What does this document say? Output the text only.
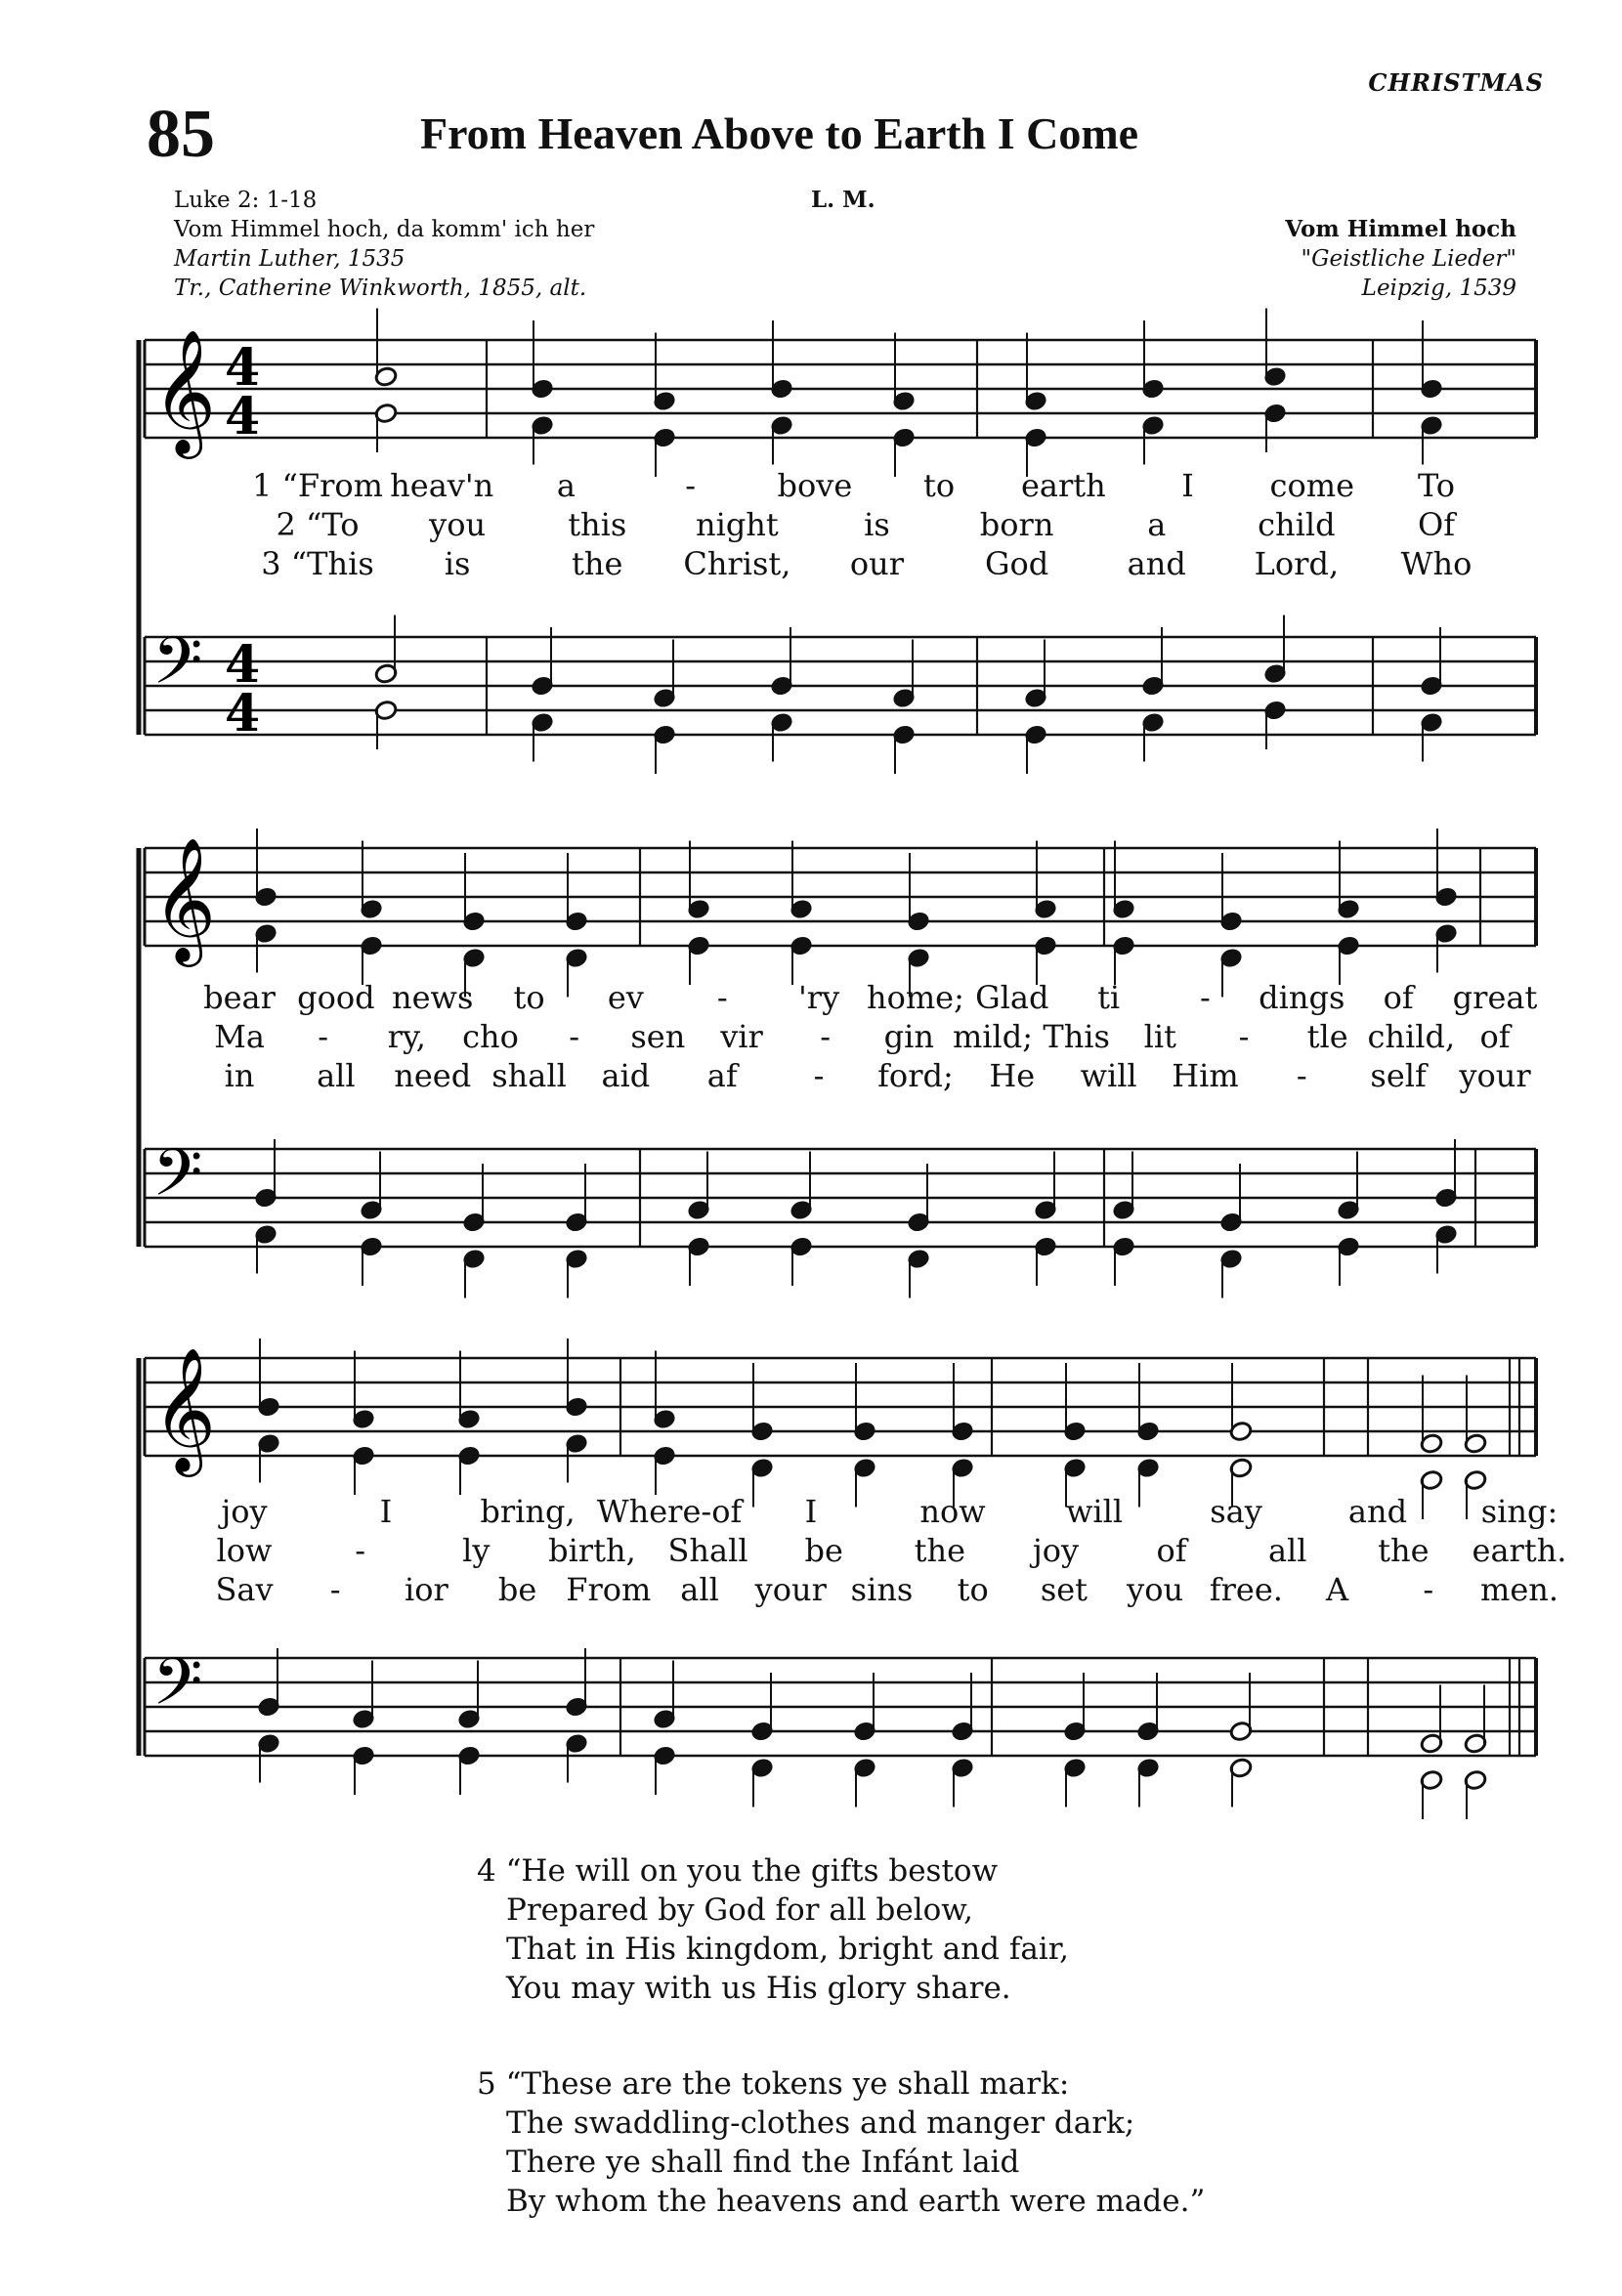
85
CHRISTMAS
From Heaven Above to Earth I Come
Luke 2: 1-18
Vom Himmel hoch, da komm' ich her
Martin Luther, 1535
Tr., Catherine Winkworth, 1855, alt.
L. M.
Vom Himmel hoch
"Geistliche Lieder"
Leipzig, 1539
𝄞 4
4
𝄢 4
4
𝄞
𝄢
𝄞
𝄢
1 “From heav'n a	-	bove to earth I come To
2 “To you	this night	is	born	a	child	Of
3 “This is	the Christ, our	God	and Lord, Who
bear good news to ev - 'ry home; Glad ti	- dings of great
Ma - ry, cho - sen vir - gin mild; This lit - tle child, of
in all need shall aid af - ford; He will Him - self your
joy	I	bring, Where-of I	now	will	say	and sing:
low	-	ly birth, Shall be the joy of	all the earth.
Sav - ior be From all your sins to set you free. A - men.
4 “He will on you the gifts bestow
Prepared by God for all below,
That in His kingdom, bright and fair,
You may with us His glory share.
5 “These are the tokens ye shall mark:
The swaddling-clothes and manger dark;
There ye shall find the Infánt laid
By whom the heavens and earth were made.”
